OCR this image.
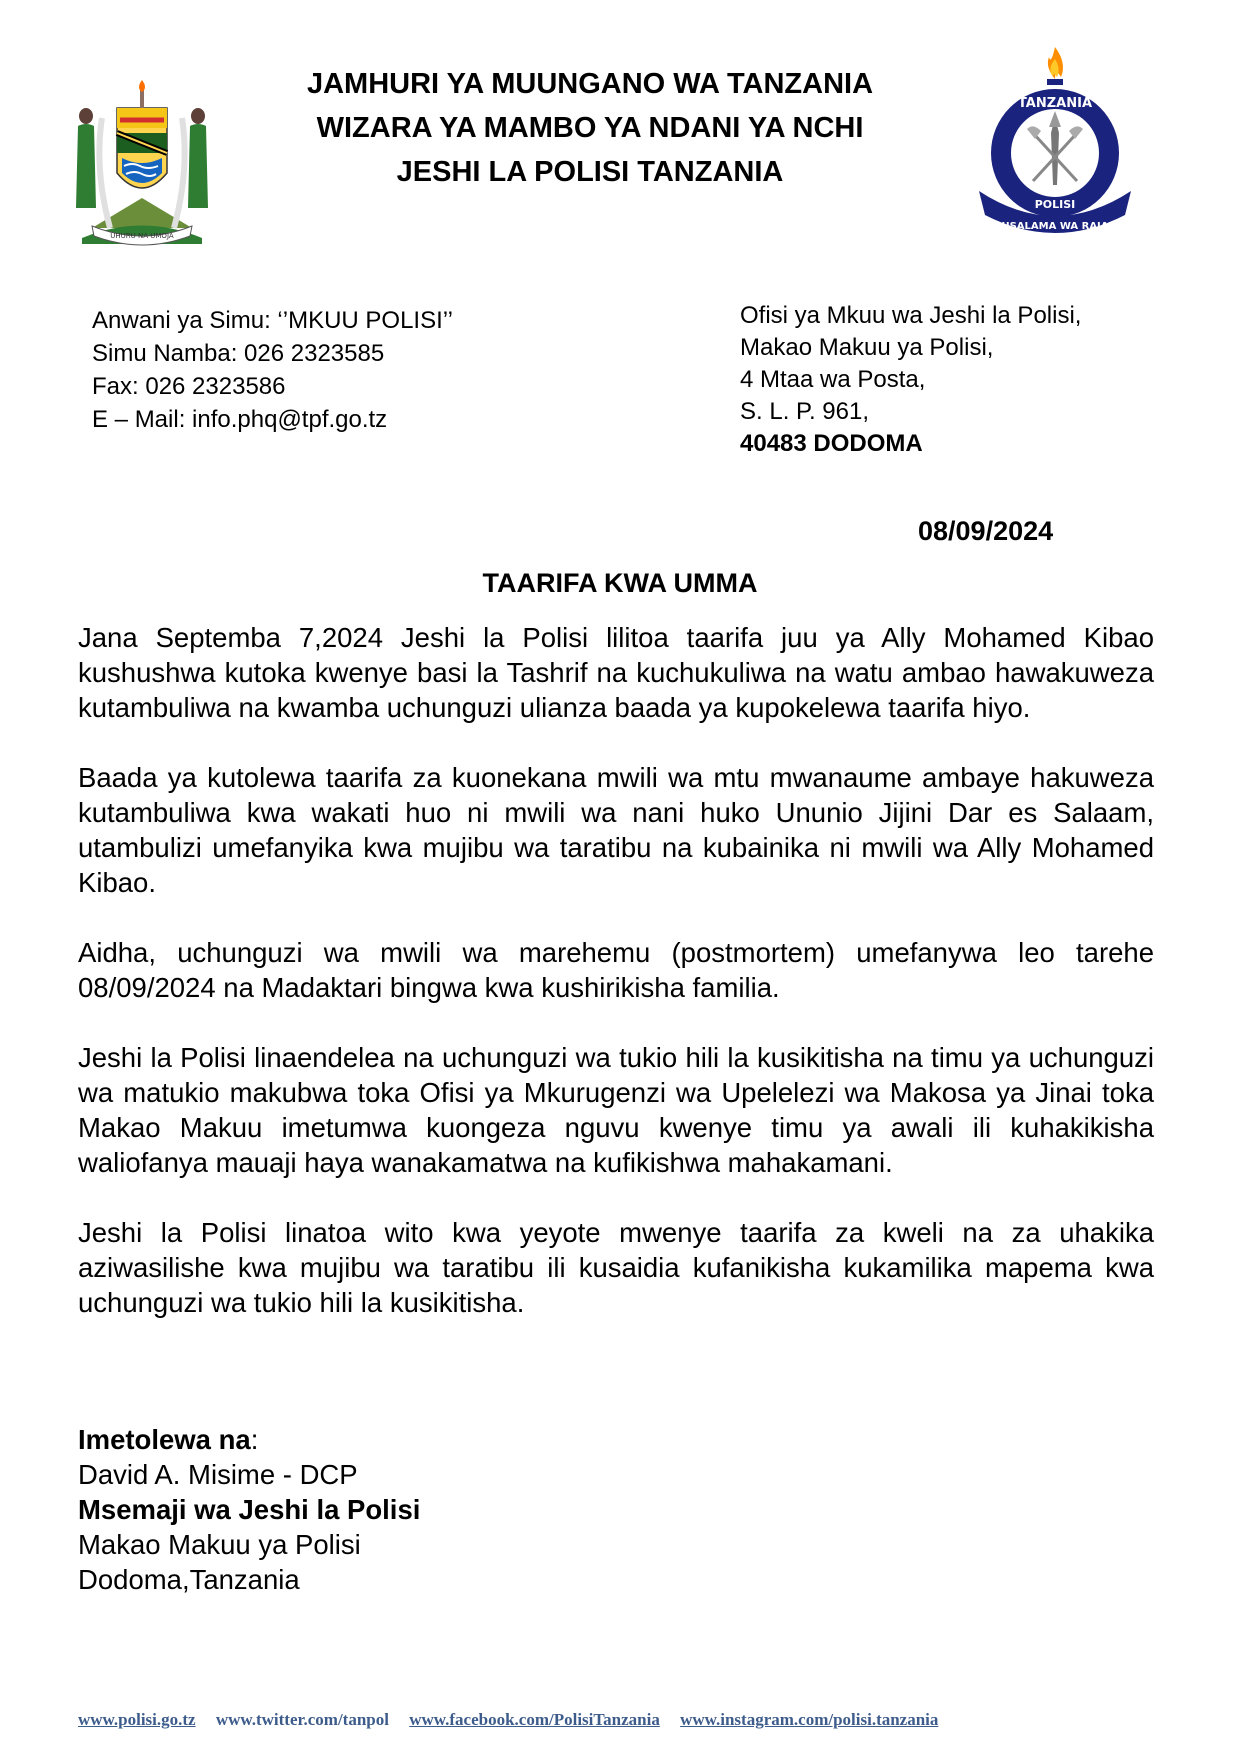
UHURU NA UMOJA
JAMHURI YA MUUNGANO WA TANZANIA
WIZARA YA MAMBO YA NDANI YA NCHI
JESHI LA POLISI TANZANIA
TANZANIA
POLISI
USALAMA WA RAIA
Anwani ya Simu: ‘’MKUU POLISI’’
Simu Namba: 026 2323585
Fax: 026 2323586
E – Mail: info.phq@tpf.go.tz
Ofisi ya Mkuu wa Jeshi la Polisi,
Makao Makuu ya Polisi,
4 Mtaa wa Posta,
S. L. P. 961,
40483 DODOMA
08/09/2024
TAARIFA KWA UMMA

Jana Septemba 7,2024 Jeshi la Polisi lilitoa taarifa juu ya Ally Mohamed Kibao kushushwa kutoka kwenye basi la Tashrif na kuchukuliwa na watu ambao hawakuweza kutambuliwa na kwamba uchunguzi ulianza baada ya kupokelewa taarifa hiyo.

Baada ya kutolewa taarifa za kuonekana mwili wa mtu mwanaume ambaye hakuweza kutambuliwa kwa wakati huo ni mwili wa nani huko Ununio Jijini Dar es Salaam, utambulizi umefanyika kwa mujibu wa taratibu na kubainika ni mwili wa Ally Mohamed Kibao.

Aidha, uchunguzi wa mwili wa marehemu (postmortem) umefanywa leo tarehe 08/09/2024 na Madaktari bingwa kwa kushirikisha familia.

Jeshi la Polisi linaendelea na uchunguzi wa tukio hili la kusikitisha na timu ya uchunguzi wa matukio makubwa toka Ofisi ya Mkurugenzi wa Upelelezi wa Makosa ya Jinai toka Makao Makuu imetumwa kuongeza nguvu kwenye timu ya awali ili kuhakikisha waliofanya mauaji haya wanakamatwa na kufikishwa mahakamani.

Jeshi la Polisi linatoa wito kwa yeyote mwenye taarifa za kweli na za uhakika aziwasilishe kwa mujibu wa taratibu ili kusaidia kufanikisha kukamilika mapema kwa uchunguzi wa tukio hili la kusikitisha.

Imetolewa na:
David A. Misime - DCP
Msemaji wa Jeshi la Polisi
Makao Makuu ya Polisi
Dodoma,Tanzania
www.polisi.go.tz www.twitter.com/tanpol www.facebook.com/PolisiTanzania www.instagram.com/polisi.tanzania
